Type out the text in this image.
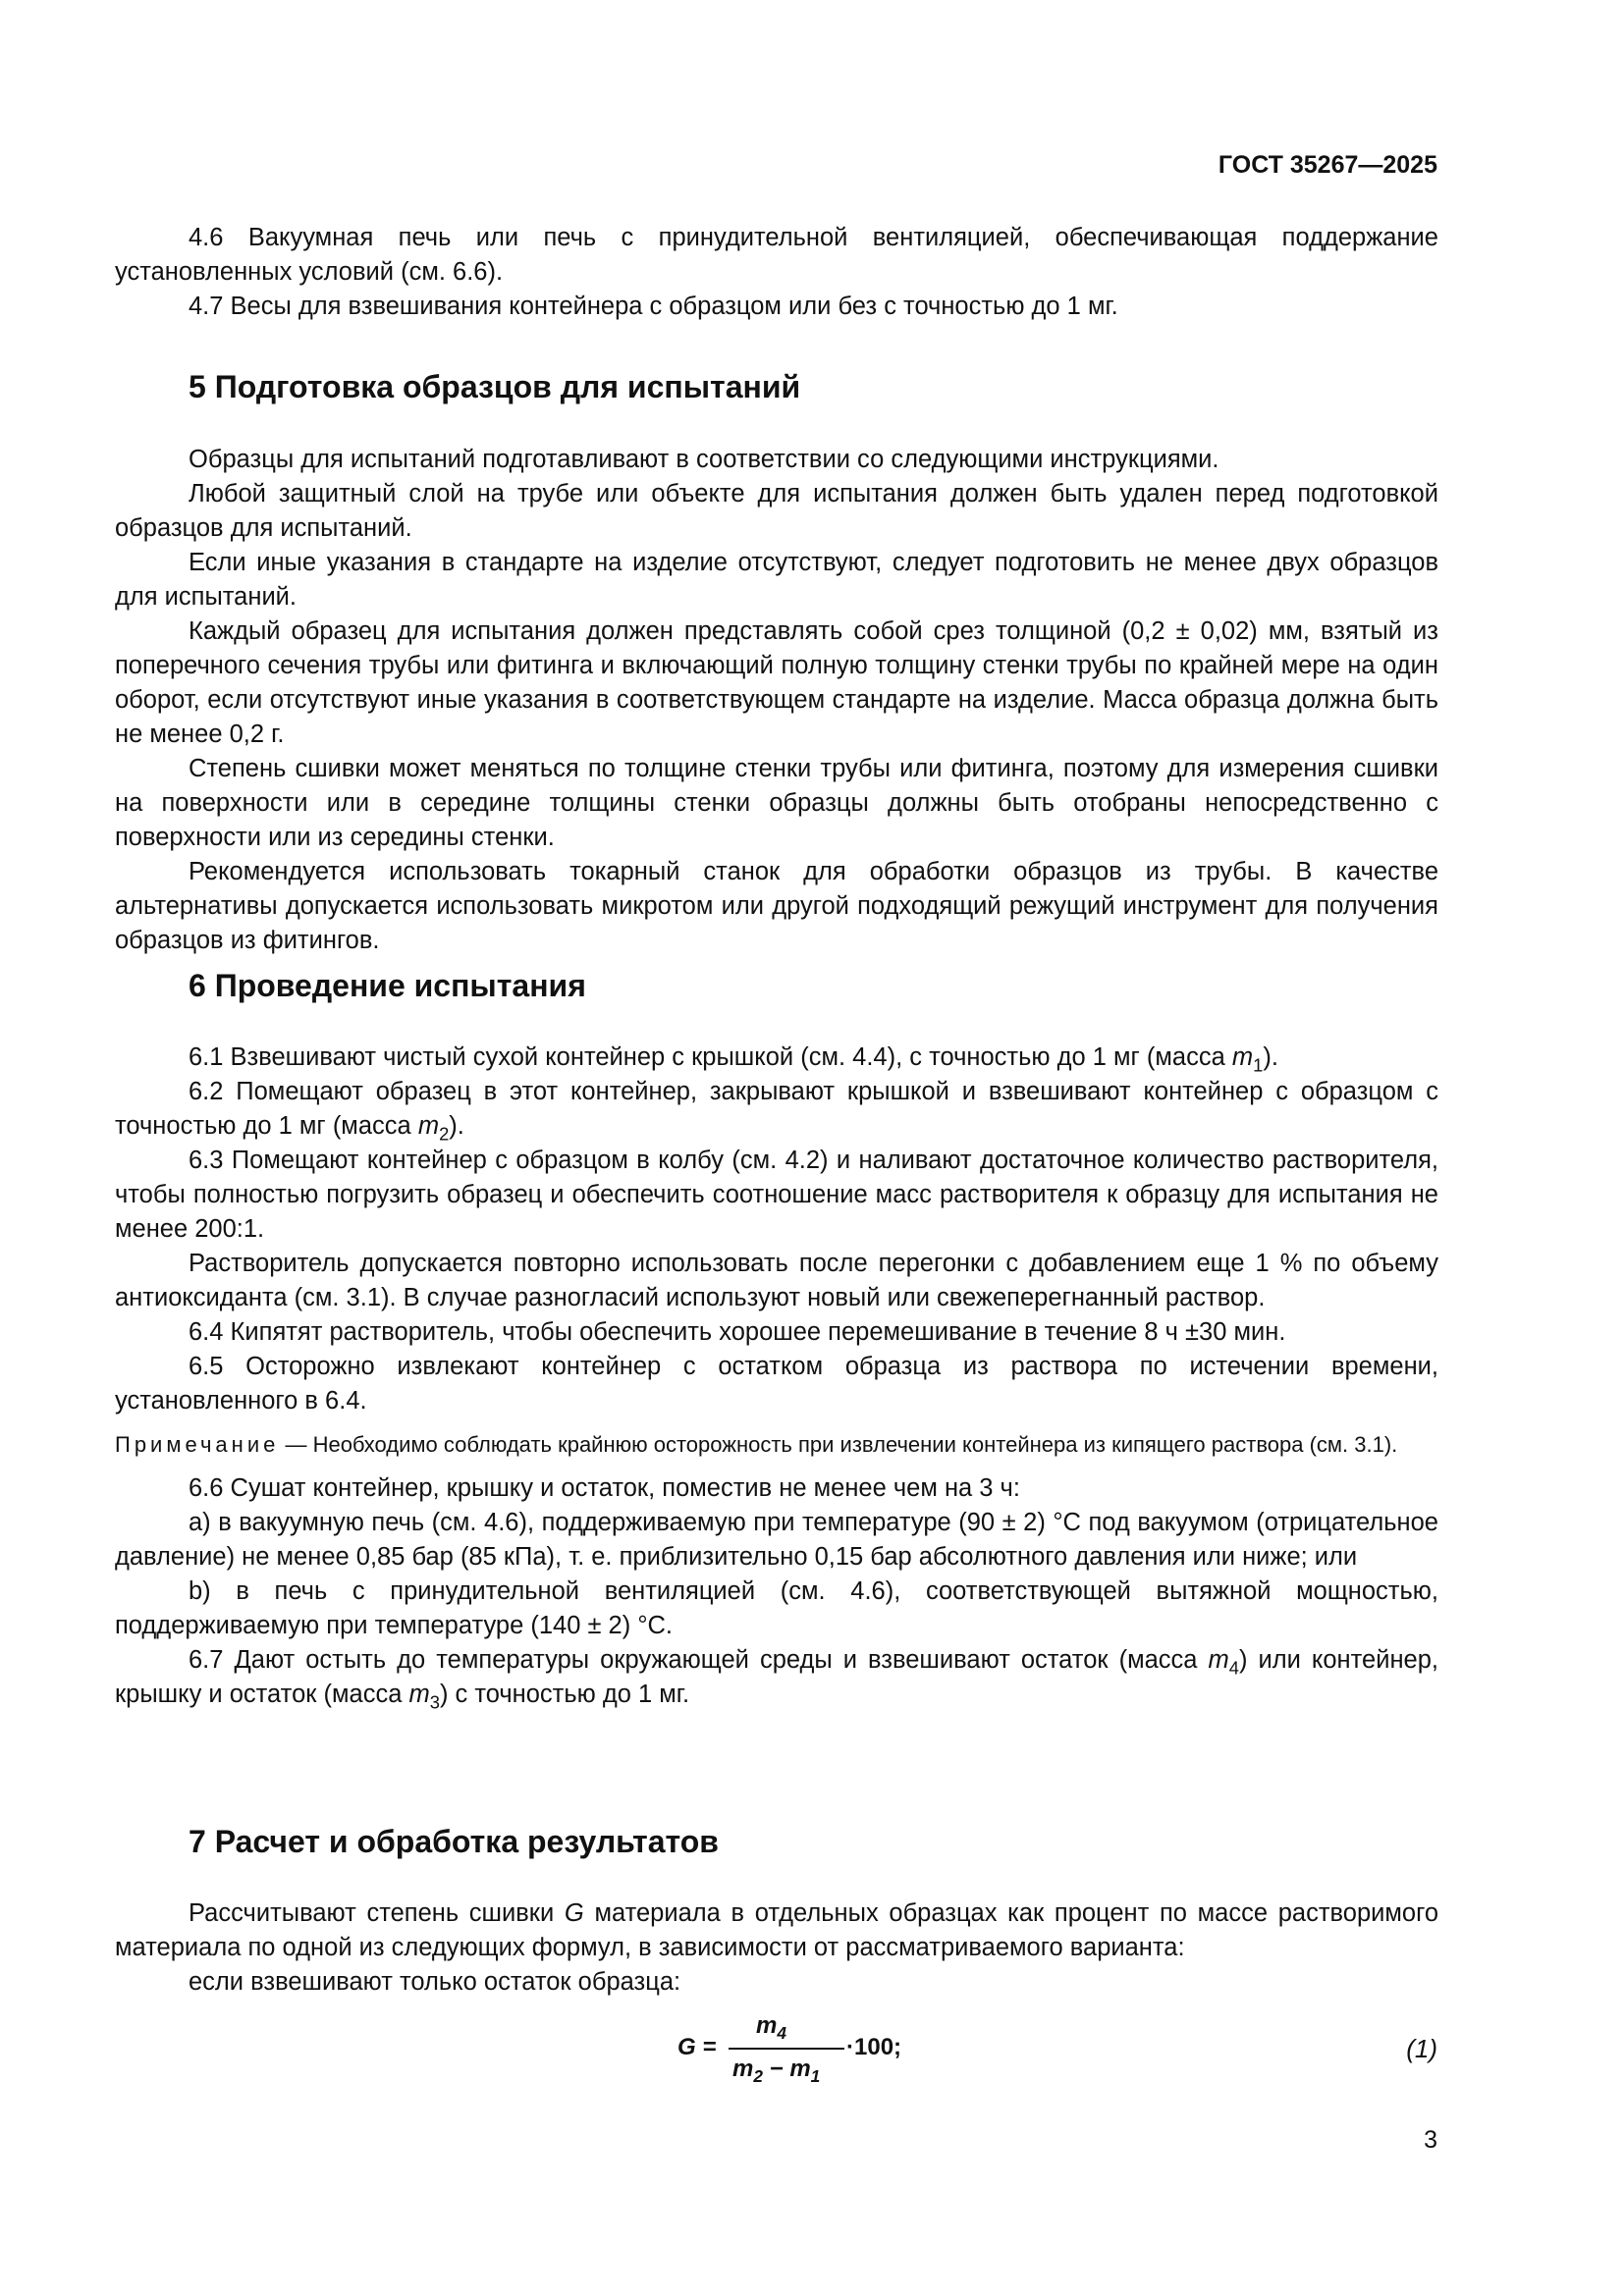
ГОСТ 35267—2025

4.6 Вакуумная печь или печь с принудительной вентиляцией, обеспечивающая поддержание установленных условий (см. 6.6).

4.7 Весы для взвешивания контейнера с образцом или без с точностью до 1 мг.

5 Подготовка образцов для испытаний

Образцы для испытаний подготавливают в соответствии со следующими инструкциями.

Любой защитный слой на трубе или объекте для испытания должен быть удален перед подготовкой образцов для испытаний.

Если иные указания в стандарте на изделие отсутствуют, следует подготовить не менее двух образцов для испытаний.

Каждый образец для испытания должен представлять собой срез толщиной (0,2 ± 0,02) мм, взятый из поперечного сечения трубы или фитинга и включающий полную толщину стенки трубы по крайней мере на один оборот, если отсутствуют иные указания в соответствующем стандарте на изделие. Масса образца должна быть не менее 0,2 г.

Степень сшивки может меняться по толщине стенки трубы или фитинга, поэтому для измерения сшивки на поверхности или в середине толщины стенки образцы должны быть отобраны непосредственно с поверхности или из середины стенки.

Рекомендуется использовать токарный станок для обработки образцов из трубы. В качестве альтернативы допускается использовать микротом или другой подходящий режущий инструмент для получения образцов из фитингов.

6 Проведение испытания

6.1 Взвешивают чистый сухой контейнер с крышкой (см. 4.4), с точностью до 1 мг (масса $m_1$).

6.2 Помещают образец в этот контейнер, закрывают крышкой и взвешивают контейнер с образцом с точностью до 1 мг (масса $m_2$).

6.3 Помещают контейнер с образцом в колбу (см. 4.2) и наливают достаточное количество растворителя, чтобы полностью погрузить образец и обеспечить соотношение масс растворителя к образцу для испытания не менее 200:1.

Растворитель допускается повторно использовать после перегонки с добавлением еще 1 % по объему антиоксиданта (см. 3.1). В случае разногласий используют новый или свежеперегнанный раствор.

6.4 Кипятят растворитель, чтобы обеспечить хорошее перемешивание в течение 8 ч ±30 мин.

6.5 Осторожно извлекают контейнер с остатком образца из раствора по истечении времени, установленного в 6.4.

Примечание — Необходимо соблюдать крайнюю осторожность при извлечении контейнера из кипящего раствора (см. 3.1).

6.6 Сушат контейнер, крышку и остаток, поместив не менее чем на 3 ч:

a) в вакуумную печь (см. 4.6), поддерживаемую при температуре (90 ± 2) °С под вакуумом (отрицательное давление) не менее 0,85 бар (85 кПа), т. е. приблизительно 0,15 бар абсолютного давления или ниже; или

b) в печь с принудительной вентиляцией (см. 4.6), соответствующей вытяжной мощностью, поддерживаемую при температуре (140 ± 2) °С.

6.7 Дают остыть до температуры окружающей среды и взвешивают остаток (масса $m_4$) или контейнер, крышку и остаток (масса $m_3$) с точностью до 1 мг.

7 Расчет и обработка результатов

Рассчитывают степень сшивки G материала в отдельных образцах как процент по массе растворимого материала по одной из следующих формул, в зависимости от рассматриваемого варианта:

если взвешивают только остаток образца:

G =
$m_4$
$m_2 - m_1$
·100;	(1)
3
